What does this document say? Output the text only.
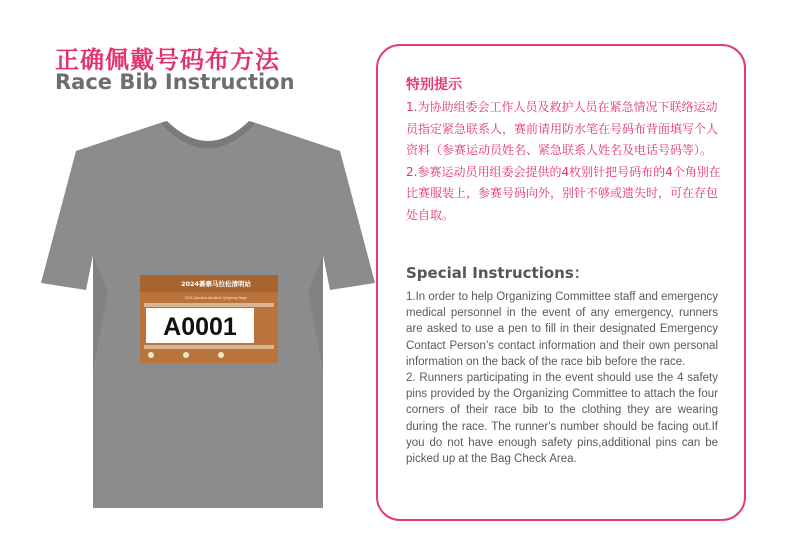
正确佩戴号码布方法
Race Bib Instruction
2024綦寨马拉松清明站
2024 Qiaozhai Marathon Qingming Stage
A0001
特别提示

1.为协助组委会工作人员及救护人员在紧急情况下联络运动员指定紧急联系人，赛前请用防水笔在号码布背面填写个人资料（参赛运动员姓名、紧急联系人姓名及电话号码等）。

2.参赛运动员用组委会提供的4枚别针把号码布的4个角别在比赛服装上，参赛号码向外，别针不够或遗失时，可在存包处自取。

Special Instructions：

1.In order to help Organizing Committee staff and emergency medical personnel in the event of any emergency, runners are asked to use a pen to fill in their designated Emergency Contact Person’s contact information and their own personal information on the back of the race bib before the race.

2. Runners participating in the event should use the 4 safety pins provided by the Organizing Committee to attach the four corners of their race bib to the clothing they are wearing during the race. The runner's number should be facing out.If you do not have enough safety pins,additional pins can be picked up at the Bag Check Area.
